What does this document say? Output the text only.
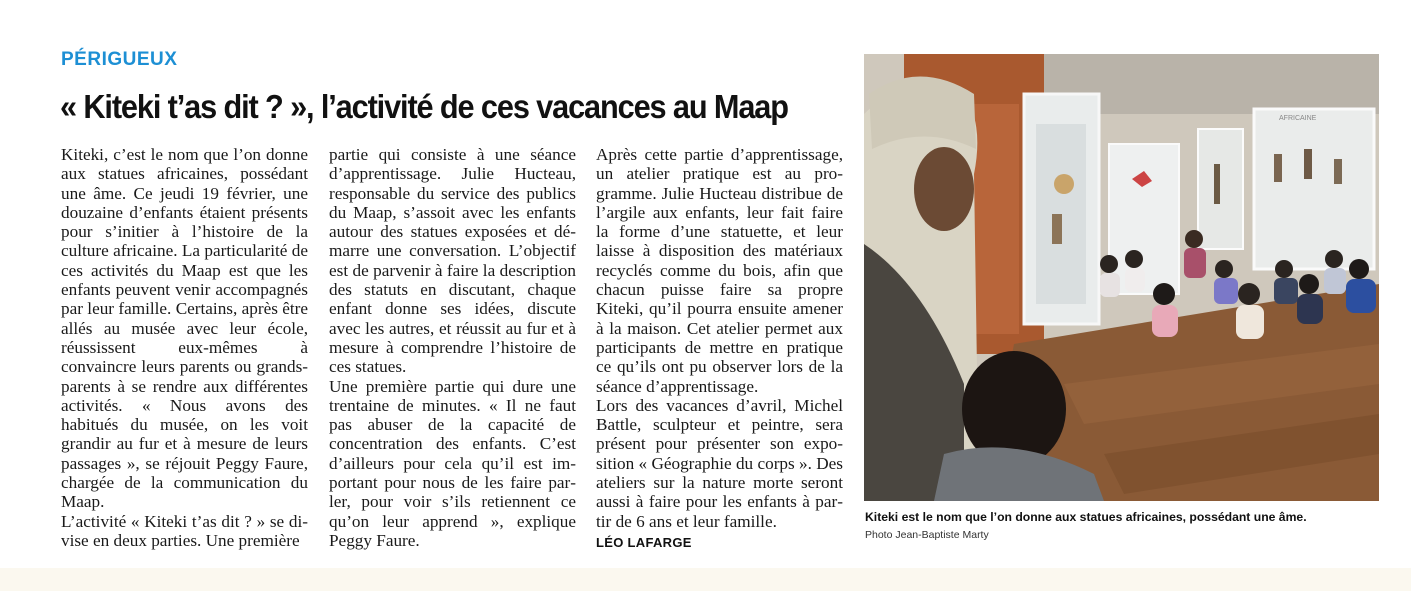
PÉRIGUEUX
« Kiteki t’as dit ? », l’activité de ces vacances au Maap

Kiteki, c’est le nom que l’on donne aux statues africaines, possédant une âme. Ce jeudi 19 février, une douzaine d’enfants étaient présents pour s’initier à l’histoire de la culture africaine. La particularité de ces activités du Maap est que les enfants peuvent venir accompagnés par leur famille. Certains, après être allés au musée avec leur école, réussissent eux-mêmes à convaincre leurs parents ou grands-parents à se rendre aux différentes activités. « Nous avons des habitués du musée, on les voit grandir au fur et à mesure de leurs passages », se réjouit Peggy Faure, chargée de la communication du Maap.

L’activité « Kiteki t’as dit ? » se divise en deux parties. Une première

partie qui consiste à une séance d’apprentissage. Julie Hucteau, responsable du service des publics du Maap, s’assoit avec les enfants autour des statues exposées et démarre une conversation. L’objectif est de parvenir à faire la description des statuts en discutant, chaque enfant donne ses idées, discute avec les autres, et réussit au fur et à mesure à comprendre l’histoire de ces statues.

Une première partie qui dure une trentaine de minutes. « Il ne faut pas abuser de la capacité de concentration des enfants. C’est d’ailleurs pour cela qu’il est important pour nous de les faire parler, pour voir s’ils retiennent ce qu’on leur apprend », explique Peggy Faure.

Après cette partie d’apprentissage, un atelier pratique est au programme. Julie Hucteau distribue de l’argile aux enfants, leur fait faire la forme d’une statuette, et leur laisse à disposition des matériaux recyclés comme du bois, afin que chacun puisse faire sa propre Kiteki, qu’il pourra ensuite amener à la maison. Cet atelier permet aux participants de mettre en pratique ce qu’ils ont pu observer lors de la séance d’apprentissage.

Lors des vacances d’avril, Michel Battle, sculpteur et peintre, sera présent pour présenter son exposition « Géographie du corps ». Des ateliers sur la nature morte seront aussi à faire pour les enfants à partir de 6 ans et leur famille.

LÉO LAFARGE
AFRICAINE
Kiteki est le nom que l’on donne aux statues africaines, possédant une âme.
Photo Jean-Baptiste Marty
